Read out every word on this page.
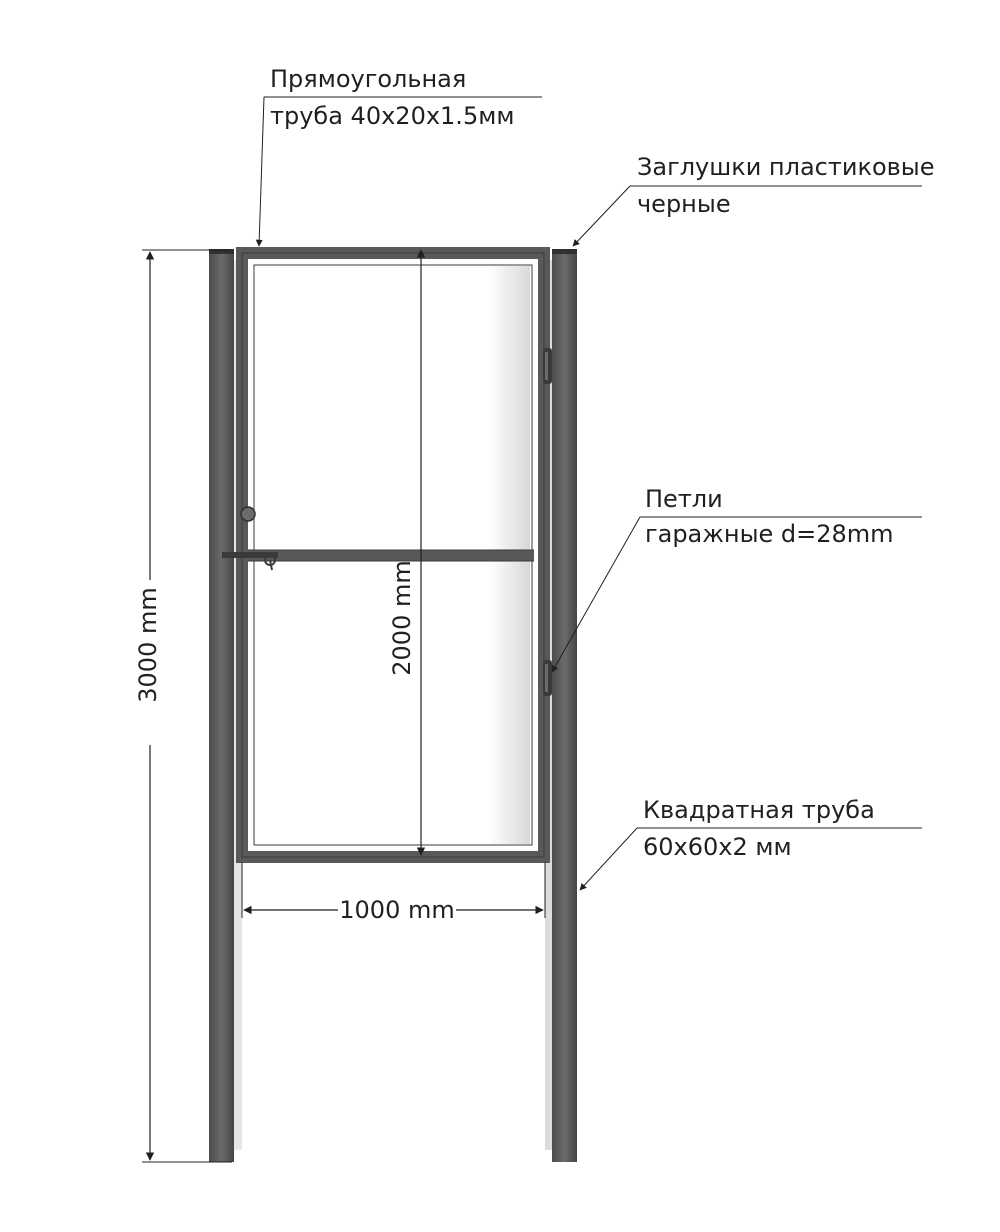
3000 mm	2000 mm
1000 mm
Прямоугольная
труба 40x20x1.5мм
Заглушки пластиковые
черные
Петли
гаражные d=28mm
Квадратная труба
60x60x2 мм
